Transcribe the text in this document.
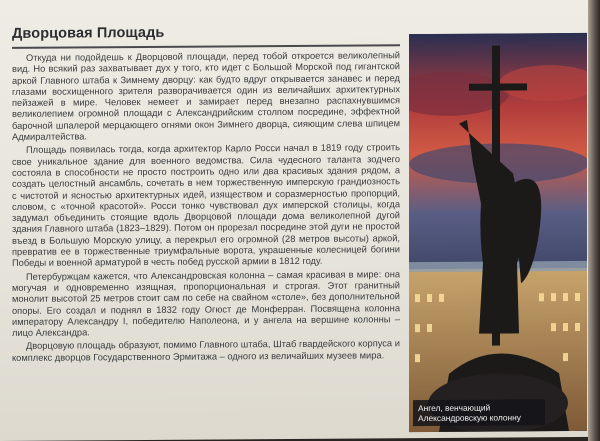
Дворцовая Площадь

Откуда ни подойдешь к Дворцовой площади, перед тобой откроется великолепный вид. Но всякий раз захватывает дух у того, кто идет с Большой Морской под гигантской аркой Главного штаба к Зимнему дворцу: как будто вдруг открывается занавес и перед глазами восхищенного зрителя разворачивается один из величайших архитектурных пейзажей в мире. Человек немеет и замирает перед внезапно распахнувшимся великолепием огромной площади с Александрийским столпом посредине, эффектной барочной шпалерой мерцающего огнями окон Зимнего дворца, сияющим слева шпицем Адмиралтейства.

Площадь появилась тогда, когда архитектор Карло Росси начал в 1819 году строить свое уникальное здание для военного ведомства. Сила чудесного таланта зодчего состояла в способности не просто построить одно или два красивых здания рядом, а создать целостный ансамбль, сочетать в нем торжественную имперскую грандиозность с чистотой и ясностью архитектурных идей, изяществом и соразмерностью пропорций, словом, с «точной красотой». Росси тонко чувствовал дух имперской столицы, когда задумал объединить стоящие вдоль Дворцовой площади дома великолепной дугой здания Главного штаба (1823–1829). Потом он прорезал посредине этой дуги не простой въезд в Большую Морскую улицу, а перекрыл его огромной (28 метров высоты) аркой, превратив ее в торжественные триумфальные ворота, украшенные колесницей богини Победы и военной арматурой в честь побед русской армии в 1812 году.

Петербуржцам кажется, что Александровская колонна – самая красивая в мире: она могучая и одновременно изящная, пропорциональная и строгая. Этот гранитный монолит высотой 25 метров стоит сам по себе на свайном «столе», без дополнительной опоры. Его создал и поднял в 1832 году Огюст де Монферран. Посвящена колонна императору Александру I, победителю Наполеона, и у ангела на вершине колонны – лицо Александра.

Дворцовую площадь образуют, помимо Главного штаба, Штаб гвардейского корпуса и комплекс дворцов Государственного Эрмитажа – одного из величайших музеев мира.

Ангел, венчающий
Александровскую колонну
